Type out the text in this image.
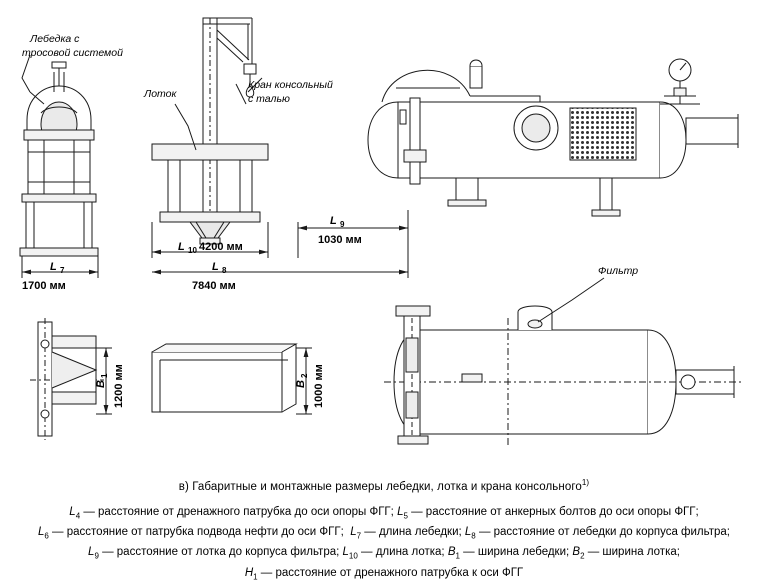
Лебедка с
тросовой системой
Лоток
Кран консольный
с талью
Фильтр
L 9
1030 мм
L 10 4200 мм
L 8
7840 мм
L 7
1700 мм
B
1 1200 мм	B
2 1000 мм
в) Габаритные и монтажные размеры лебедки, лотка и крана консольного$^{1)}$
$L_4$ — расстояние от дренажного патрубка до оси опоры ФГГ; $L_5$ — расстояние от анкерных болтов до оси опоры ФГГ;
$L_6$ — расстояние от патрубка подвода нефти до оси ФГГ;  $L_7$ — длина лебедки; $L_8$ — расстояние от лебедки до корпуса фильтра;
$L_9$ — расстояние от лотка до корпуса фильтра; $L_{10}$ — длина лотка; $B_1$ — ширина лебедки; $B_2$ — ширина лотка;
$H_1$ — расстояние от дренажного патрубка к оси ФГГ
